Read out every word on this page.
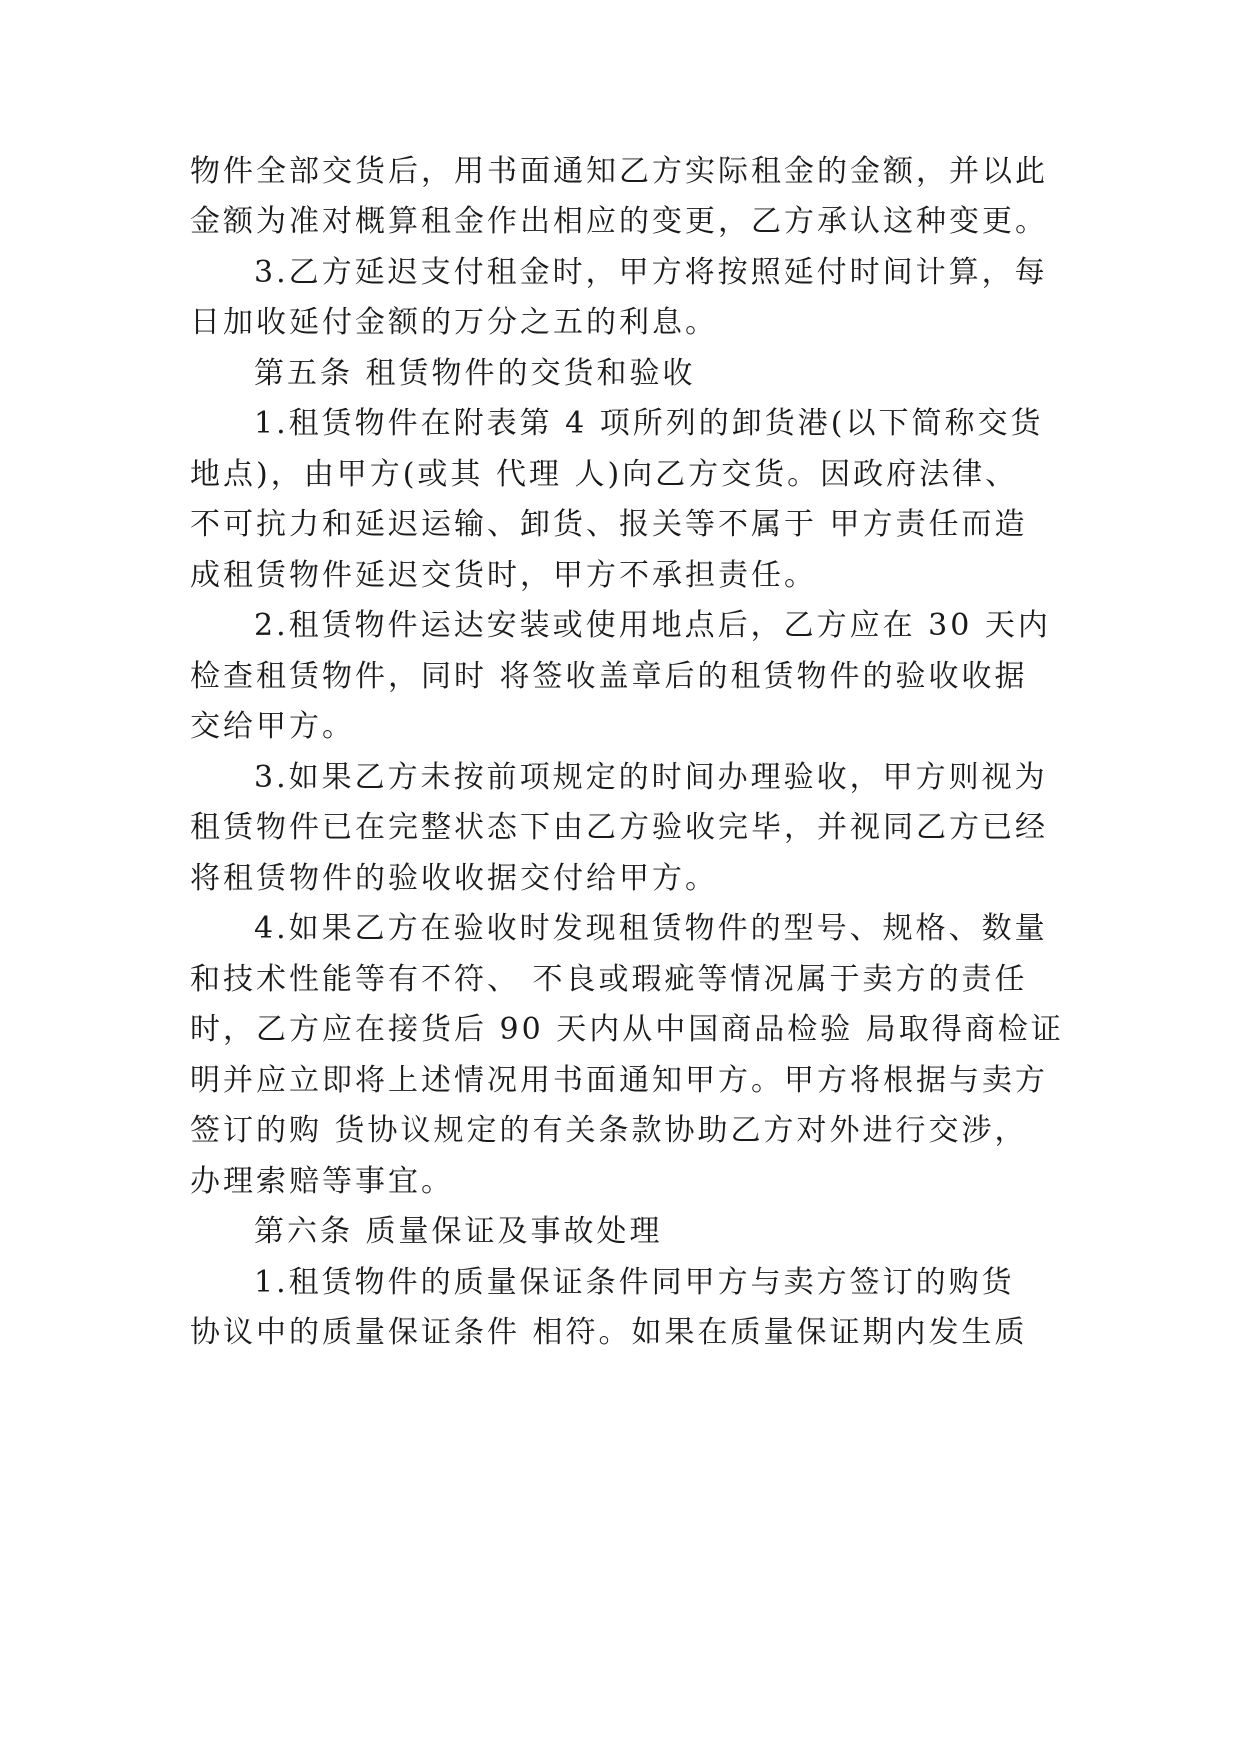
物件全部交货后，用书面通知乙方实际租金的金额，并以此
金额为准对概算租金作出相应的变更，乙方承认这种变更。
3.乙方延迟支付租金时，甲方将按照延付时间计算，每
日加收延付金额的万分之五的利息。
第五条 租赁物件的交货和验收
1.租赁物件在附表第 4 项所列的卸货港(以下简称交货
地点)，由甲方(或其 代理 人)向乙方交货。因政府法律、
不可抗力和延迟运输、卸货、报关等不属于 甲方责任而造
成租赁物件延迟交货时，甲方不承担责任。
2.租赁物件运达安装或使用地点后，乙方应在 30 天内
检查租赁物件，同时 将签收盖章后的租赁物件的验收收据
交给甲方。
3.如果乙方未按前项规定的时间办理验收，甲方则视为
租赁物件已在完整状态下由乙方验收完毕，并视同乙方已经
将租赁物件的验收收据交付给甲方。
4.如果乙方在验收时发现租赁物件的型号、规格、数量
和技术性能等有不符、 不良或瑕疵等情况属于卖方的责任
时，乙方应在接货后 90 天内从中国商品检验 局取得商检证
明并应立即将上述情况用书面通知甲方。甲方将根据与卖方
签订的购 货协议规定的有关条款协助乙方对外进行交涉，
办理索赔等事宜。
第六条 质量保证及事故处理
1.租赁物件的质量保证条件同甲方与卖方签订的购货
协议中的质量保证条件 相符。如果在质量保证期内发生质
